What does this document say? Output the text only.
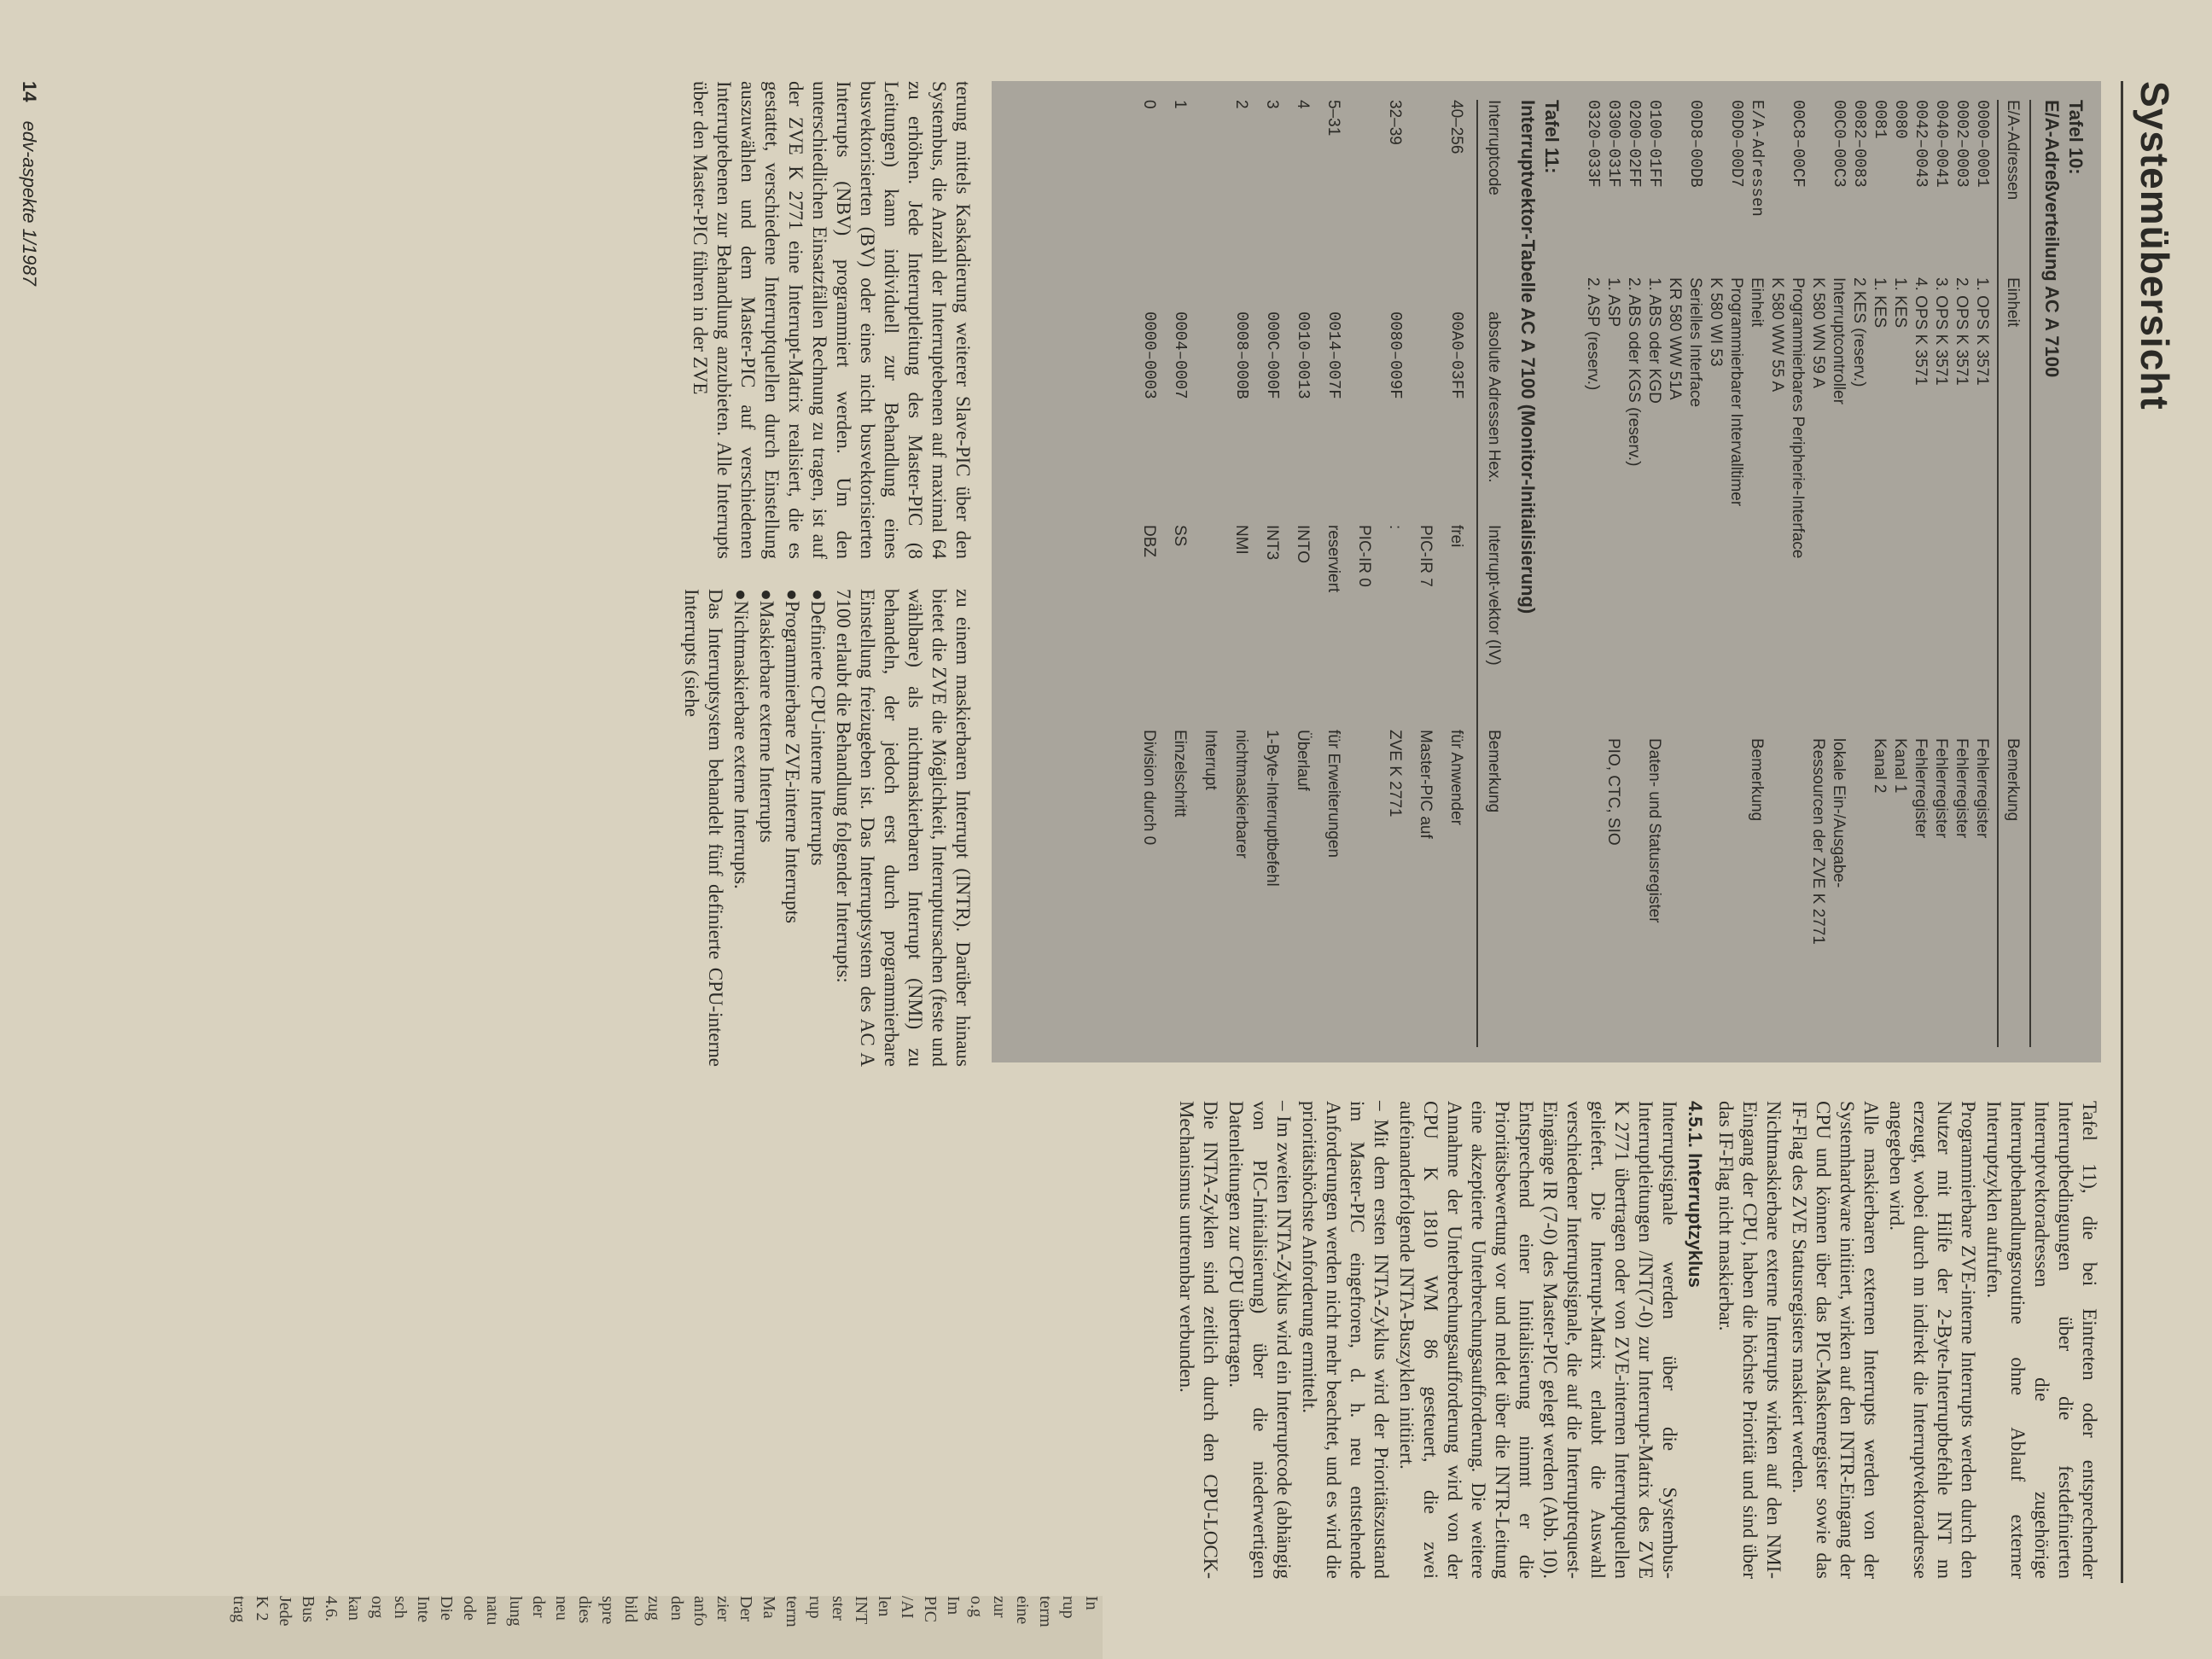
Systemübersicht
Tafel 10:
E/A-Adreßverteilung AC A 7100
E/A-Adressen
Einheit
Bemerkung
0000–0001
1. OPS K 3571
Fehlerregister
0002–0003
2. OPS K 3571
Fehlerregister
0040–0041
3. OPS K 3571
Fehlerregister
0042–0043
4. OPS K 3571
Fehlerregister
0080
1. KES
Kanal 1
0081
1. KES
Kanal 2
0082–0083
2 KES (reserv.)
00C0–00C3
Interruptcontroller
lokale Ein-/Ausgabe-
K 580 WN 59 A
Ressourcen der ZVE K 2771
00C8–00CF
Programmierbares Peripherie-Interface
K 580 WW 55 A
E/A-Adressen
Einheit
Bemerkung
00D0–00D7
Programmierbarer Intervalltimer
K 580 WI 53
00D8–00DB
Serielles Interface
KR 580 WW 51A
0100–01FF
1. ABS oder KGD
Daten- und Statusregister
0200–02FF
2. ABS oder KGS (reserv.)
0300–031F
1. ASP
PIO, CTC, SIO
0320–033F
2. ASP (reserv.)
Tafel 11:
Interruptvektor-Tabelle AC A 7100 (Monitor-Initialisierung)
Interruptcode
absolute Adressen Hex.
Interrupt-vektor (IV)
Bemerkung
40–256
00A0–03FF
frei
für Anwender
PIC-IR 7
Master-PIC auf
32–39
0080–009F
:
ZVE K 2771
PIC-IR 0
5–31
0014–007F
reserviert
für Erweiterungen
4
0010–0013
INTO
Überlauf
3
000C–000F
INT3
1-Byte-Interruptbefehl
2
0008–000B
NMI
nichtmaskierbarer
Interrupt
1
0004–0007
SS
Einzelschritt
0
0000–0003
DBZ
Division durch 0

terung mittels Kaskadierung weiterer Slave-PIC über den Systembus, die Anzahl der Interruptebenen auf maximal 64 zu erhöhen. Jede Interruptleitung des Master-PIC (8 Leitungen) kann individuell zur Behandlung eines busvektorisierten (BV) oder eines nicht busvektorisierten Interrupts (NBV) programmiert werden. Um den unterschiedlichen Einsatzfällen Rechnung zu tragen, ist auf der ZVE K 2771 eine Interrupt-Matrix realisiert, die es gestattet, verschiedene Interruptquellen durch Einstellung auszuwählen und dem Master-PIC auf verschiedenen Interruptebenen zur Behandlung anzubieten. Alle Interrupts über den Master-PIC führen in der ZVE

zu einem maskierbaren Interrupt (INTR). Darüber hinaus bietet die ZVE die Möglichkeit, Interruptursachen (feste und wählbare) als nichtmaskierbaren Interrupt (NMI) zu behandeln, der jedoch erst durch programmierbare Einstellung freizugeben ist. Das Interruptsystem des AC A 7100 erlaubt die Behandlung folgender Interrupts:

● Definierte CPU-interne Interrupts

● Programmierbare ZVE-interne Interrupts

● Maskierbare externe Interrupts

● Nichtmaskierbare externe Interrupts.

Das Interruptsystem behandelt fünf definierte CPU-interne Interrupts (siehe

Tafel 11), die bei Eintreten oder entsprechender Interruptbedingungen über die festdefinierten Interruptvektoradressen die zugehörige Interruptbehandlungsroutine ohne Ablauf externer Interruptzyklen aufrufen.

Programmierbare ZVE-interne Interrupts werden durch den Nutzer mit Hilfe der 2-Byte-Interruptbefehle INT nn erzeugt, wobei durch nn indirekt die Interruptvektoradresse angegeben wird.

Alle maskierbaren externen Interrupts werden von der Systemhardware initiiert, wirken auf den INTR-Eingang der CPU und können über das PIC-Maskenregister sowie das IF-Flag des ZVE Statusregisters maskiert werden.

Nichtmaskierbare externe Interrupts wirken auf den NMI-Eingang der CPU, haben die höchste Priorität und sind über das IF-Flag nicht maskierbar.

4.5.1. Interruptzyklus

Interruptsignale werden über die Systembus-Interruptleitungen /INT(7-0) zur Interrupt-Matrix des ZVE K 2771 übertragen oder von ZVE-internen Interruptquellen geliefert. Die Interrupt-Matrix erlaubt die Auswahl verschiedener Interruptsignale, die auf die Interruptrequest-Eingänge IR (7-0) des Master-PIC gelegt werden (Abb. 10). Entsprechend einer Initialisierung nimmt er die Prioritätsbewertung vor und meldet über die INTR-Leitung eine akzeptierte Unterbrechungsaufforderung. Die weitere Annahme der Unterbrechungsaufforderung wird von der CPU K 1810 WM 86 gesteuert, die zwei aufeinanderfolgende INTA-Buszyklen initiiert.

– Mit dem ersten INTA-Zyklus wird der Prioritätszustand im Master-PIC eingefroren, d. h. neu entstehende Anforderungen werden nicht mehr beachtet, und es wird die prioritätshöchste Anforderung ermittelt.

– Im zweiten INTA-Zyklus wird ein Interruptcode (abhängig von PIC-Initialisierung) über die niederwertigen Datenleitungen zur CPU übertragen.

Die INTA-Zyklen sind zeitlich durch den CPU-LOCK-Mechanismus untrennbar verbunden.

14 edv-aspekte 1/1987
In
rup
term
eine
zur
o.g
Im
PIC
/AI
len
INT
ster
rup
term
Ma
Der
zier
anfo
den
zug
bild
spre
dies
neu
der
lung
natu
ode
Die
Inte
sch
org
kan
4.6.
Bus
Jede
K 2
trag
